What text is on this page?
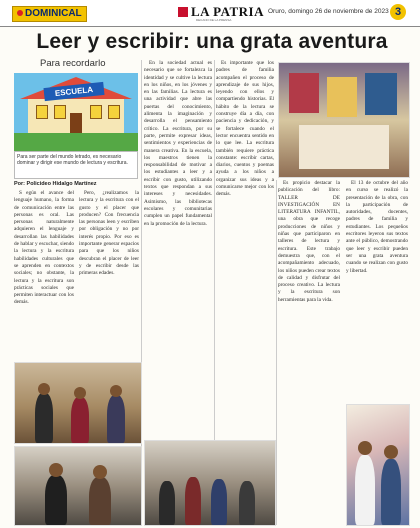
DOMINICAL	LA PATRIA
DECANO DE LA PRENSA
Oruro, domingo 26 de noviembre de 2023 3
Leer y escribir: una grata aventura
Para recordarlo
ESCUELA
Para ser parte del mundo letrado, es necesario dominar y dirigir ese mundo de lectura y escritura.
Por: Policideo Hidalgo Martínez

S egún el avance del lenguaje humano, la forma de comunicación entre las personas es oral. Las personas naturalmente adquieren el lenguaje y desarrollan las habilidades de hablar y escuchar, siendo la lectura y la escritura habilidades culturales que se aprenden en contextos sociales; no obstante, la lectura y la escritura son prácticas sociales que permiten interactuar con los demás.

Pero, ¿realizamos la lectura y la escritura con el gusto y el placer que producen? Con frecuencia las personas leen y escriben por obligación y no por interés propio. Por eso es importante generar espacios para que los niños descubran el placer de leer y de escribir desde las primeras edades.

En la sociedad actual es necesario que se fortalezca la identidad y se cultive la lectura en los niños, en los jóvenes y en las familias. La lectura es una actividad que abre las puertas del conocimiento, alimenta la imaginación y desarrolla el pensamiento crítico. La escritura, por su parte, permite expresar ideas, sentimientos y experiencias de manera creativa. En la escuela, los maestros tienen la responsabilidad de motivar a los estudiantes a leer y a escribir con gusto, utilizando textos que respondan a sus intereses y necesidades. Asimismo, las bibliotecas escolares y comunitarias cumplen un papel fundamental en la promoción de la lectura.

Es importante que los padres de familia acompañen el proceso de aprendizaje de sus hijos, leyendo con ellos y compartiendo historias. El hábito de la lectura se construye día a día, con paciencia y dedicación, y se fortalece cuando el lector encuentra sentido en lo que lee. La escritura también requiere práctica constante: escribir cartas, diarios, cuentos y poemas ayuda a los niños a organizar sus ideas y a comunicarse mejor con los demás.

Es propicio destacar la publicación del libro: TALLER DE INVESTIGACIÓN EN LITERATURA INFANTIL, una obra que recoge producciones de niños y niñas que participaron en talleres de lectura y escritura. Este trabajo demuestra que, con el acompañamiento adecuado, los niños pueden crear textos de calidad y disfrutar del proceso creativo. La lectura y la escritura son herramientas para la vida.

El 13 de octubre del año en curso se realizó la presentación de la obra, con la participación de autoridades, docentes, padres de familia y estudiantes. Los pequeños escritores leyeron sus textos ante el público, demostrando que leer y escribir pueden ser una grata aventura cuando se realizan con gusto y libertad.
